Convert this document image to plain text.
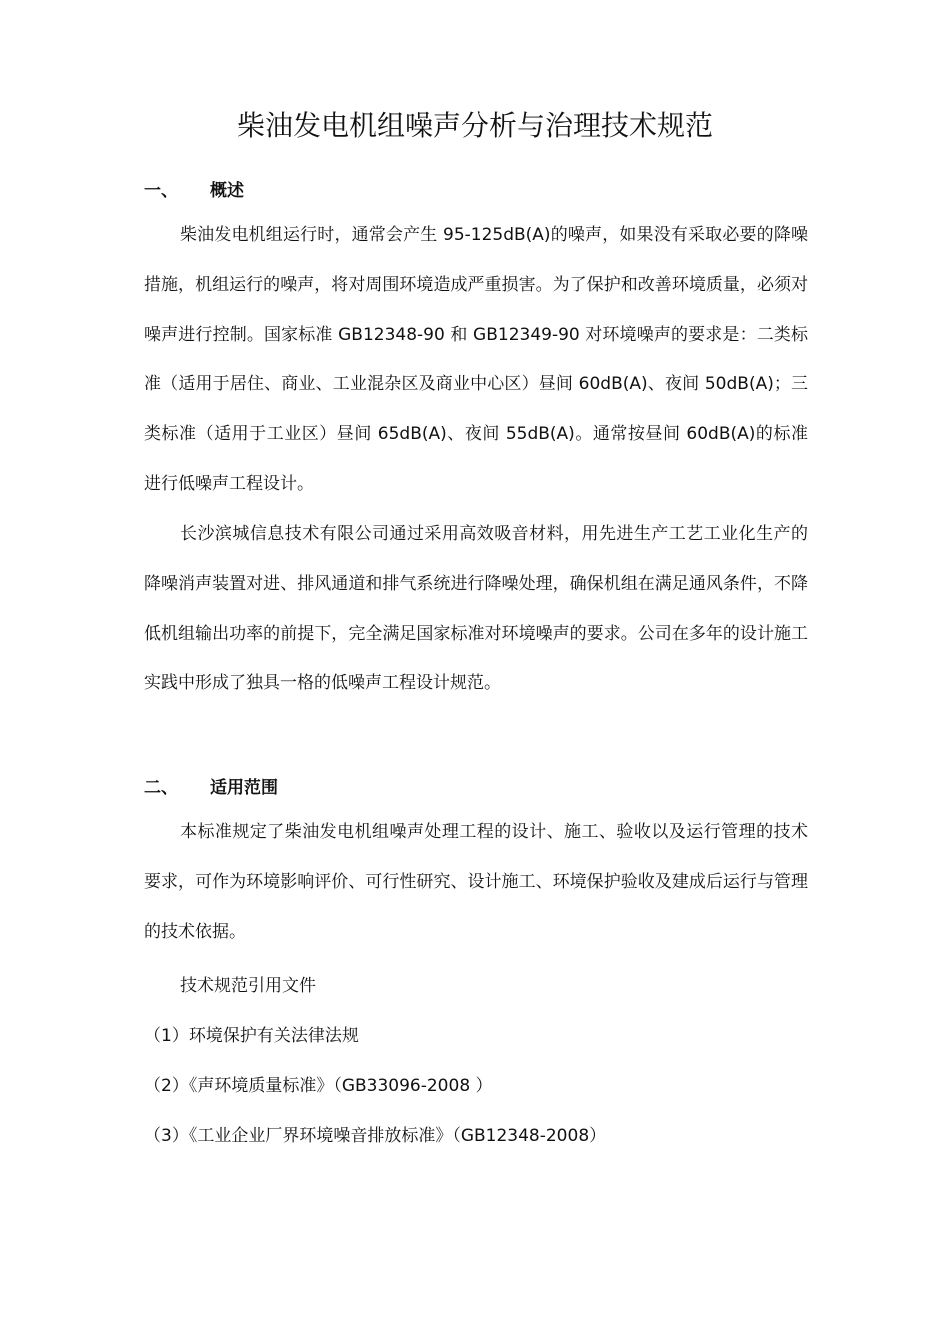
柴油发电机组噪声分析与治理技术规范
一、 概述

柴油发电机组运行时，通常会产生 95-125dB(A)的噪声，如果没有采取必要的降噪措施，机组运行的噪声，将对周围环境造成严重损害。为了保护和改善环境质量，必须对噪声进行控制。国家标准 GB12348-90 和 GB12349-90 对环境噪声的要求是：二类标准（适用于居住、商业、工业混杂区及商业中心区）昼间 60dB(A)、夜间 50dB(A)；三类标准（适用于工业区）昼间 65dB(A)、夜间 55dB(A)。通常按昼间 60dB(A)的标准进行低噪声工程设计。

长沙滨城信息技术有限公司通过采用高效吸音材料，用先进生产工艺工业化生产的降噪消声装置对进、排风通道和排气系统进行降噪处理，确保机组在满足通风条件，不降低机组输出功率的前提下，完全满足国家标准对环境噪声的要求。公司在多年的设计施工实践中形成了独具一格的低噪声工程设计规范。

二、 适用范围

本标准规定了柴油发电机组噪声处理工程的设计、施工、验收以及运行管理的技术要求，可作为环境影响评价、可行性研究、设计施工、环境保护验收及建成后运行与管理的技术依据。

技术规范引用文件

（1）环境保护有关法律法规

（2）《声环境质量标准》（GB33096-2008 ）

（3）《工业企业厂界环境噪音排放标准》（GB12348-2008）
